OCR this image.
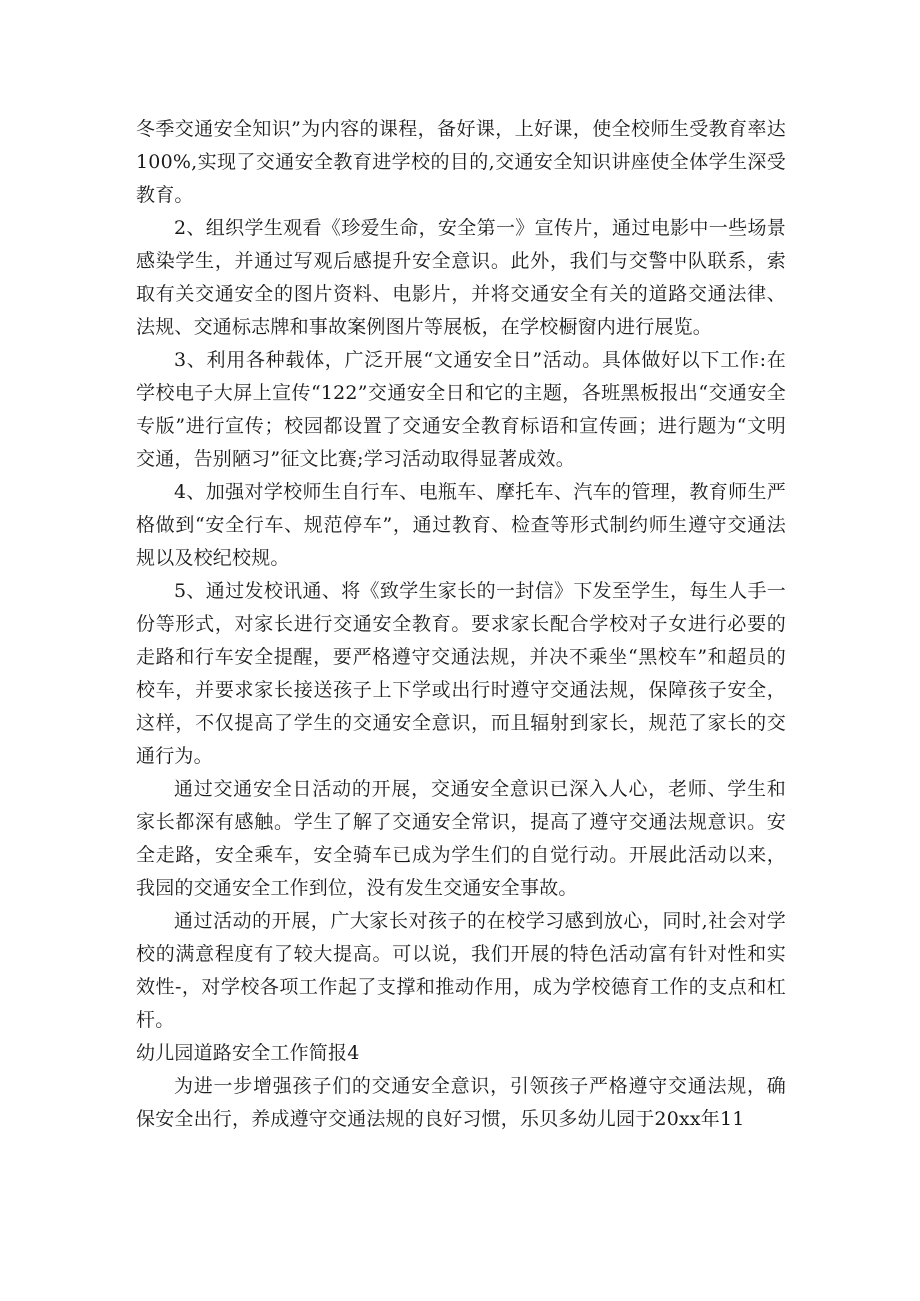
冬季交通安全知识”为内容的课程，备好课，上好课，使全校师生受教育率达100%,实现了交通安全教育进学校的目的,交通安全知识讲座使全体学生深受教育。

2、组织学生观看《珍爱生命，安全第一》宣传片，通过电影中一些场景感染学生，并通过写观后感提升安全意识。此外，我们与交警中队联系，索取有关交通安全的图片资料、电影片，并将交通安全有关的道路交通法律、法规、交通标志牌和事故案例图片等展板，在学校橱窗内进行展览。

3、利用各种载体，广泛开展“文通安全日”活动。具体做好以下工作:在学校电子大屏上宣传“122”交通安全日和它的主题，各班黑板报出“交通安全专版”进行宣传；校园都设置了交通安全教育标语和宣传画；进行题为“文明交通，告别陋习”征文比赛;学习活动取得显著成效。

4、加强对学校师生自行车、电瓶车、摩托车、汽车的管理，教育师生严格做到“安全行车、规范停车”，通过教育、检查等形式制约师生遵守交通法规以及校纪校规。

5、通过发校讯通、将《致学生家长的一封信》下发至学生，每生人手一份等形式，对家长进行交通安全教育。要求家长配合学校对子女进行必要的走路和行车安全提醒，要严格遵守交通法规，并决不乘坐“黑校车”和超员的校车，并要求家长接送孩子上下学或出行时遵守交通法规，保障孩子安全，这样，不仅提高了学生的交通安全意识，而且辐射到家长，规范了家长的交通行为。

通过交通安全日活动的开展，交通安全意识已深入人心，老师、学生和家长都深有感触。学生了解了交通安全常识，提高了遵守交通法规意识。安全走路，安全乘车，安全骑车已成为学生们的自觉行动。开展此活动以来，我园的交通安全工作到位，没有发生交通安全事故。

通过活动的开展，广大家长对孩子的在校学习感到放心，同时,社会对学校的满意程度有了较大提高。可以说，我们开展的特色活动富有针对性和实效性-，对学校各项工作起了支撑和推动作用，成为学校德育工作的支点和杠杆。

幼儿园道路安全工作简报4

为进一步增强孩子们的交通安全意识，引领孩子严格遵守交通法规，确保安全出行，养成遵守交通法规的良好习惯，乐贝多幼儿园于20xx年11
